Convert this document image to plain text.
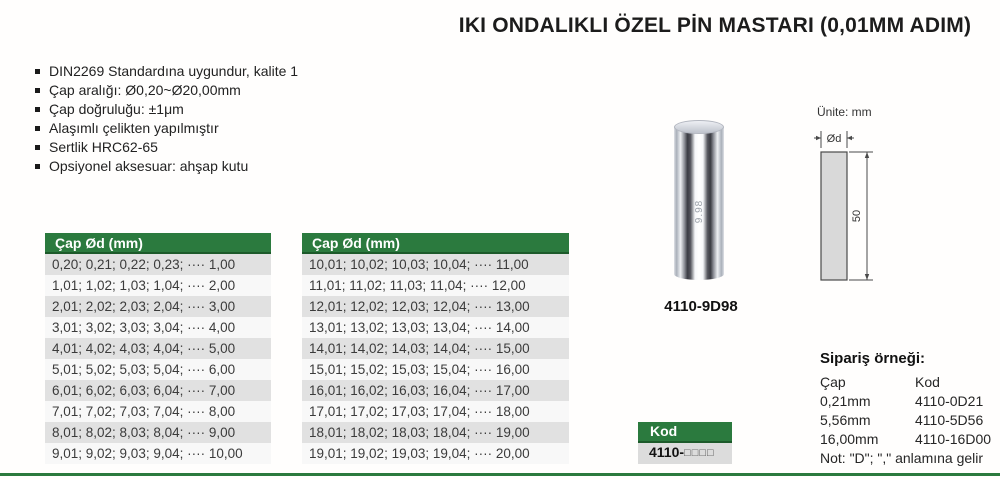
IKI ONDALIKLI ÖZEL PİN MASTARI (0,01MM ADIM)
DIN2269 Standardına uygundur, kalite 1
Çap aralığı: Ø0,20~Ø20,00mm
Çap doğruluğu: ±1μm
Alaşımlı çelikten yapılmıştır
Sertlik HRC62-65
Opsiyonel aksesuar: ahşap kutu
Çap Ød (mm)
0,20; 0,21; 0,22; 0,23; ···· 1,00
1,01; 1,02; 1,03; 1,04; ···· 2,00
2,01; 2,02; 2,03; 2,04; ···· 3,00
3,01; 3,02; 3,03; 3,04; ···· 4,00
4,01; 4,02; 4,03; 4,04; ···· 5,00
5,01; 5,02; 5,03; 5,04; ···· 6,00
6,01; 6,02; 6,03; 6,04; ···· 7,00
7,01; 7,02; 7,03; 7,04; ···· 8,00
8,01; 8,02; 8,03; 8,04; ···· 9,00
9,01; 9,02; 9,03; 9,04; ···· 10,00
Çap Ød (mm)
10,01; 10,02; 10,03; 10,04; ···· 11,00
11,01; 11,02; 11,03; 11,04; ···· 12,00
12,01; 12,02; 12,03; 12,04; ···· 13,00
13,01; 13,02; 13,03; 13,04; ···· 14,00
14,01; 14,02; 14,03; 14,04; ···· 15,00
15,01; 15,02; 15,03; 15,04; ···· 16,00
16,01; 16,02; 16,03; 16,04; ···· 17,00
17,01; 17,02; 17,03; 17,04; ···· 18,00
18,01; 18,02; 18,03; 18,04; ···· 19,00
19,01; 19,02; 19,03; 19,04; ···· 20,00
9.98
4110-9D98
Ünite: mm
Ød
50
Sipariş örneği:
Çap	Kod
0,21mm	4110-0D21
5,56mm	4110-5D56
16,00mm	4110-16D00
Not: "D"; "," anlamına gelir
Kod
4110-□□□□
